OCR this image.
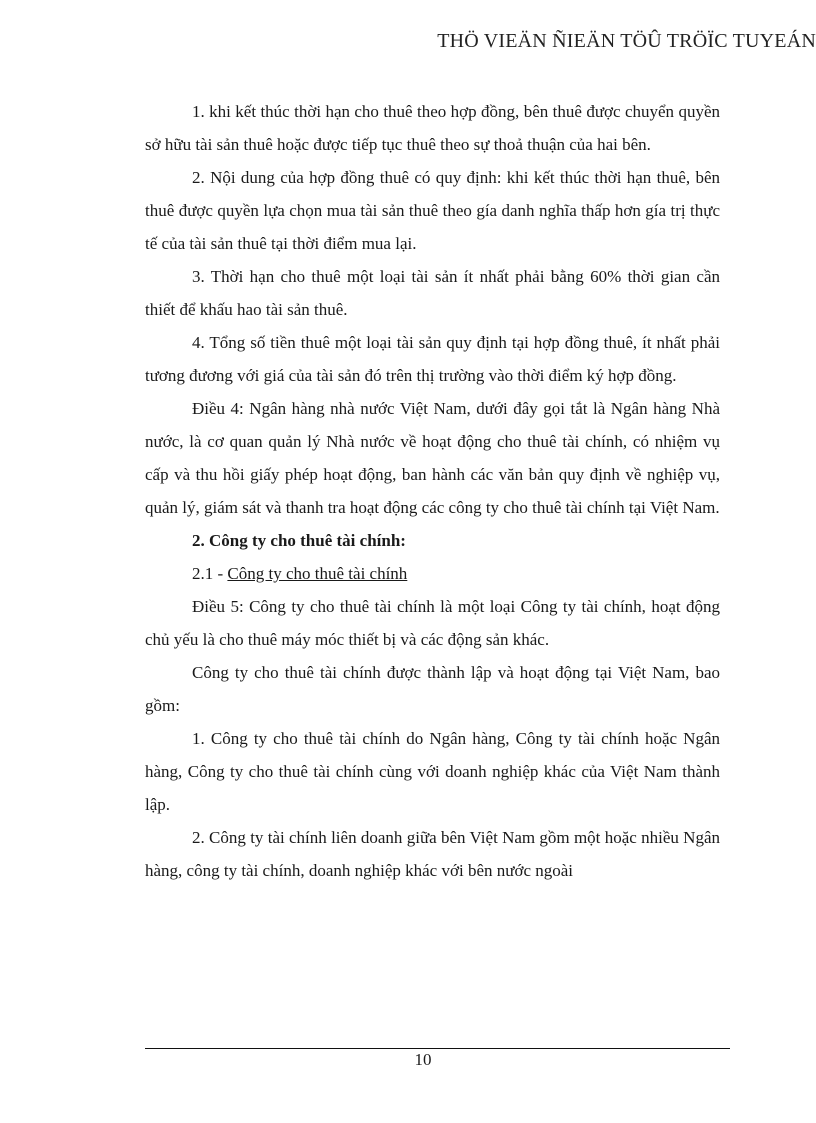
THÖ VIEÄN ÑIEÄN TÖÛ TRÖÏC TUYEÁN

1. khi kết thúc thời hạn cho thuê theo hợp đồng, bên thuê được chuyển quyền sở hữu tài sản thuê hoặc được tiếp tục thuê theo sự thoả thuận của hai bên.

2. Nội dung của hợp đồng thuê có quy định: khi kết thúc thời hạn thuê, bên thuê được quyền lựa chọn mua tài sản thuê theo gía danh nghĩa thấp hơn gía trị thực tế của tài sản thuê tại thời điểm mua lại.

3. Thời hạn cho thuê một loại tài sản ít nhất phải bằng 60% thời gian cần thiết để khấu hao tài sản thuê.

4. Tổng số tiền thuê một loại tài sản quy định tại hợp đồng thuê, ít nhất phải tương đương với giá của tài sản đó trên thị trường vào thời điểm ký hợp đồng.

Điều 4: Ngân hàng nhà nước Việt Nam, dưới đây gọi tắt là Ngân hàng Nhà nước, là cơ quan quản lý Nhà nước về hoạt động cho thuê tài chính, có nhiệm vụ cấp và thu hồi giấy phép hoạt động, ban hành các văn bản quy định về nghiệp vụ, quản lý, giám sát và thanh tra hoạt động các công ty cho thuê tài chính tại Việt Nam.

2. Công ty cho thuê tài chính:

2.1 - Công ty cho thuê tài chính

Điều 5: Công ty cho thuê tài chính là một loại Công ty tài chính, hoạt động chủ yếu là cho thuê máy móc thiết bị và các động sản khác.

Công ty cho thuê tài chính được thành lập và hoạt động tại Việt Nam, bao gồm:

1. Công ty cho thuê tài chính do Ngân hàng, Công ty tài chính hoặc Ngân hàng, Công ty cho thuê tài chính cùng với doanh nghiệp khác của Việt Nam thành lập.

2. Công ty tài chính liên doanh giữa bên Việt Nam gồm một hoặc nhiều Ngân hàng, công ty tài chính, doanh nghiệp khác với bên nước ngoài

10
